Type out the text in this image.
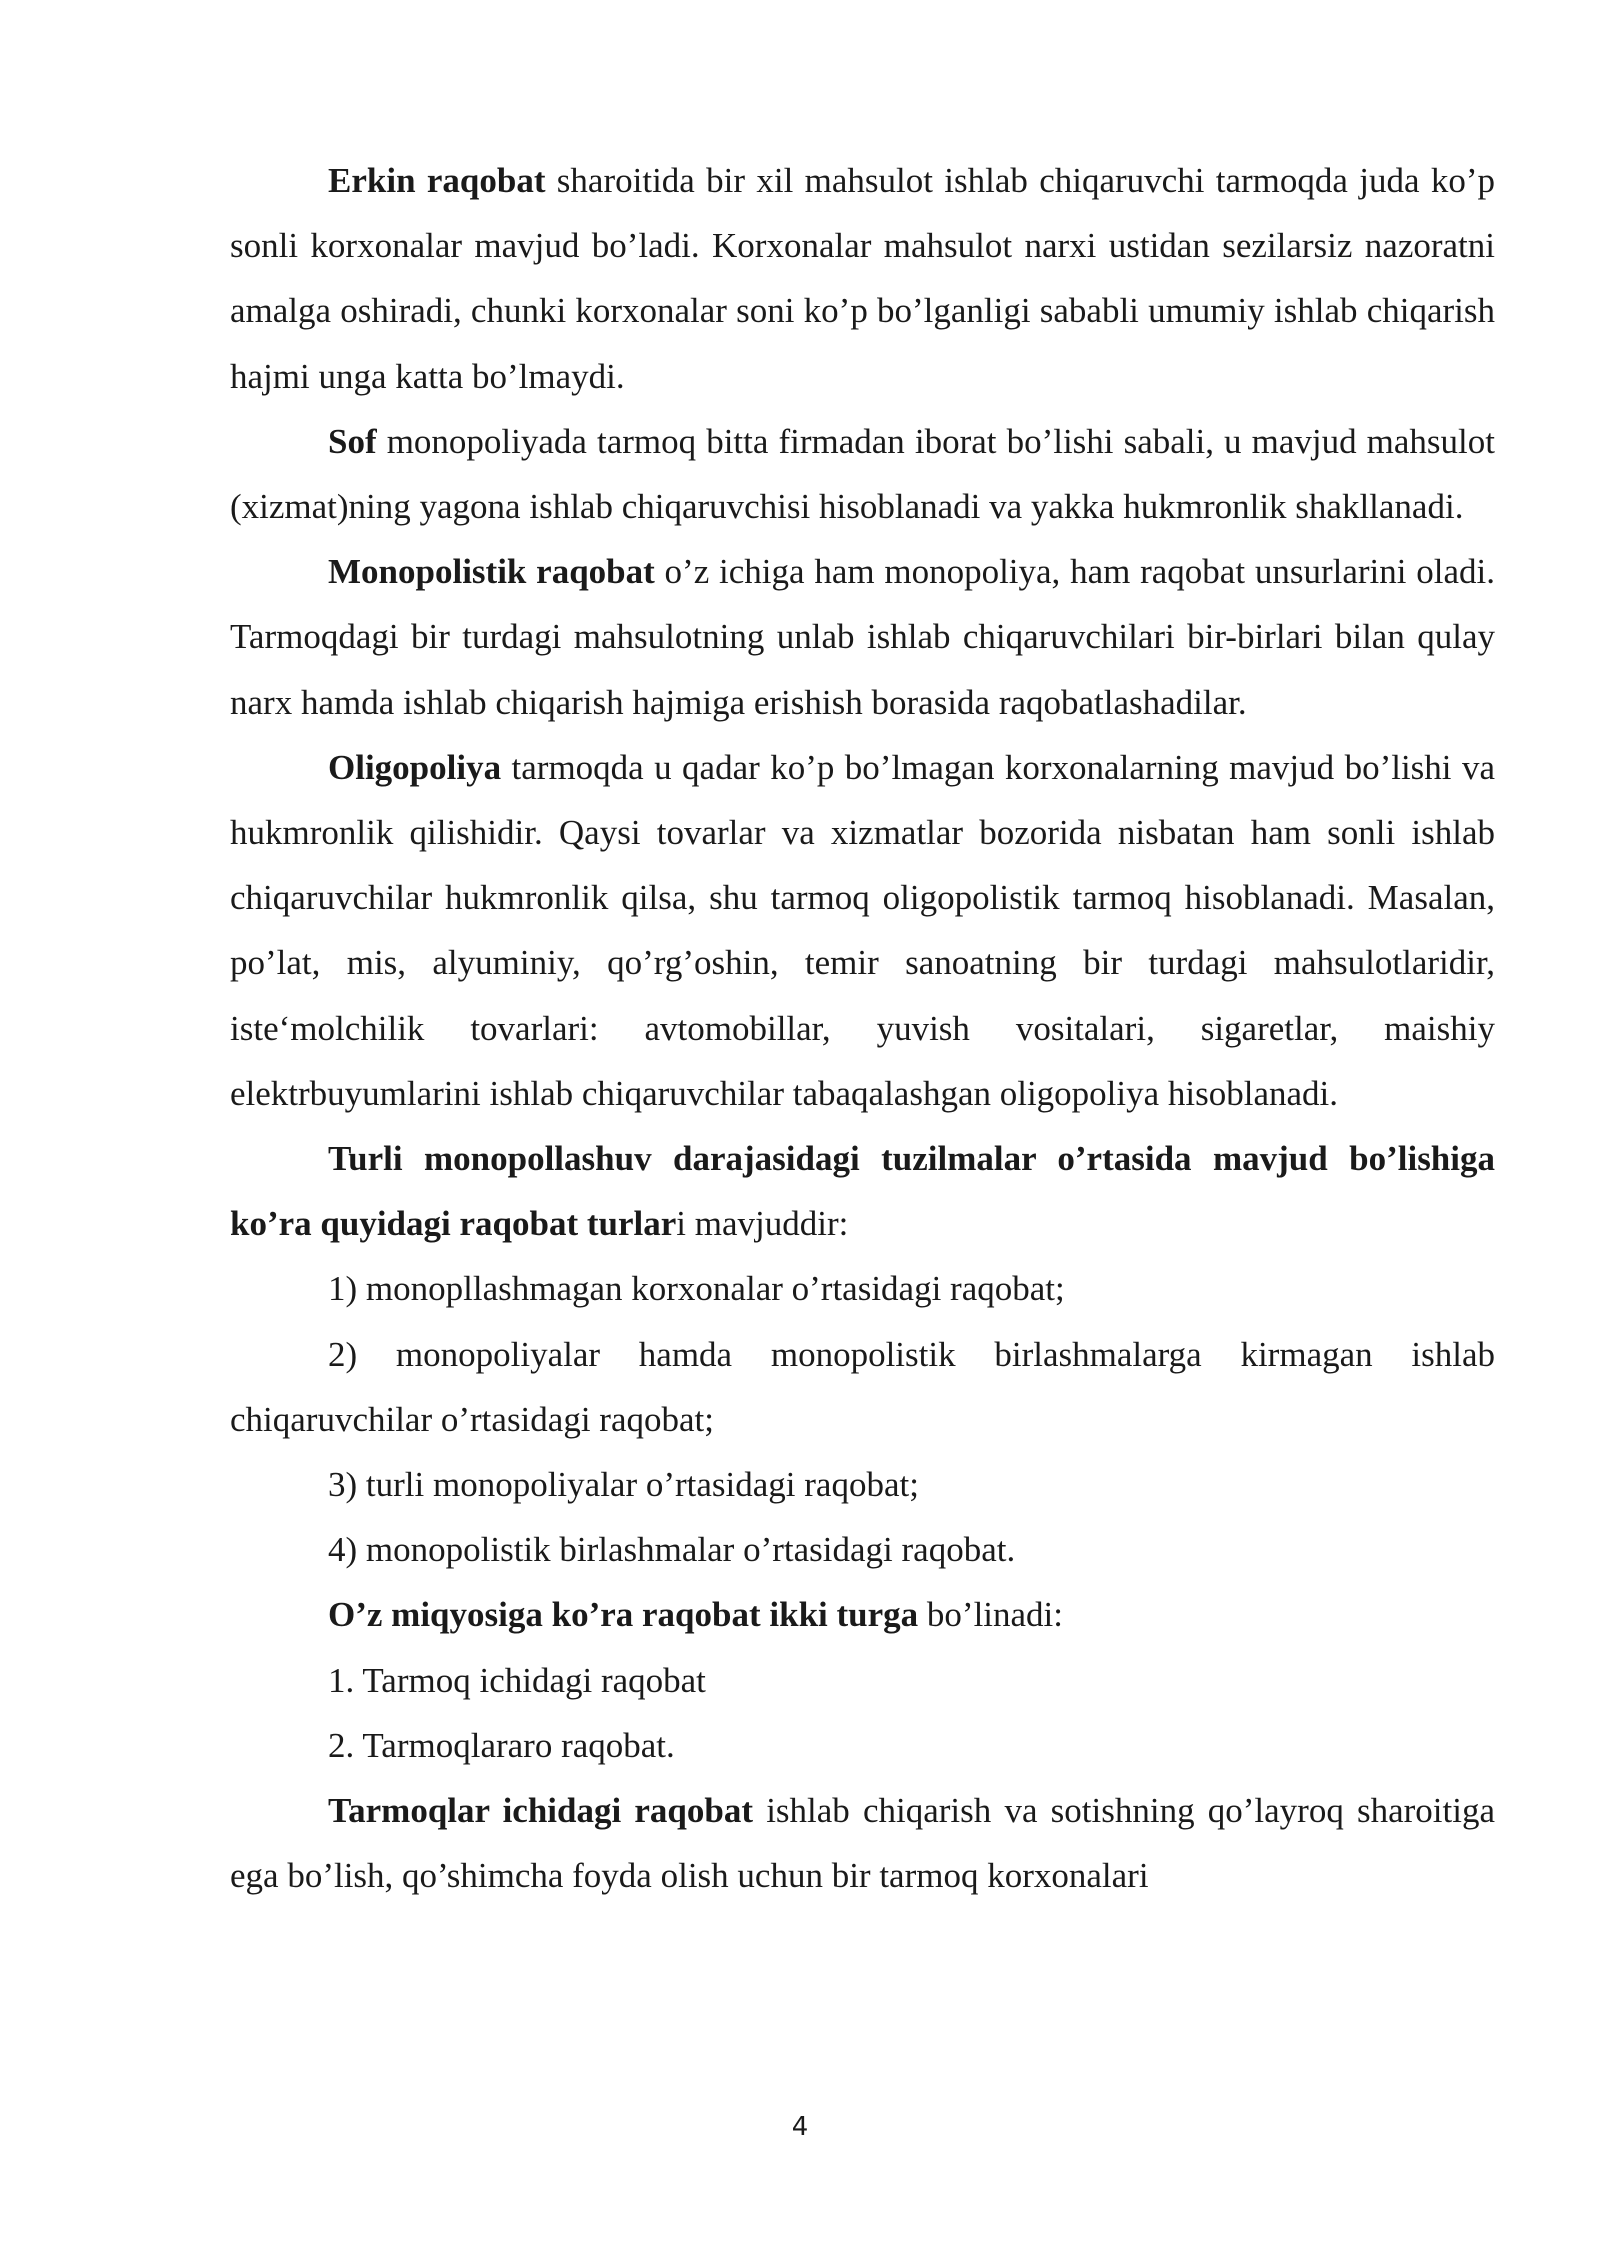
Erkin raqobat sharoitida bir xil mahsulot ishlab chiqaruvchi tarmoqda juda ko’p sonli korxonalar mavjud bo’ladi. Korxonalar mahsulot narxi ustidan sezilarsiz nazoratni amalga oshiradi, chunki korxonalar soni ko’p bo’lganligi sababli umumiy ishlab chiqarish hajmi unga katta bo’lmaydi.

Sof monopoliyada tarmoq bitta firmadan iborat bo’lishi sabali, u mavjud mahsulot (xizmat)ning yagona ishlab chiqaruvchisi hisoblanadi va yakka hukmronlik shakllanadi.

Monopolistik raqobat o’z ichiga ham monopoliya, ham raqobat unsurlarini oladi. Tarmoqdagi bir turdagi mahsulotning unlab ishlab chiqaruvchilari bir-birlari bilan qulay narx hamda ishlab chiqarish hajmiga erishish borasida raqobatlashadilar.

Oligopoliya tarmoqda u qadar ko’p bo’lmagan korxonalarning mavjud bo’lishi va hukmronlik qilishidir. Qaysi tovarlar va xizmatlar bozorida nisbatan ham sonli ishlab chiqaruvchilar hukmronlik qilsa, shu tarmoq oligopolistik tarmoq hisoblanadi. Masalan, po’lat, mis, alyuminiy, qo’rg’oshin, temir sanoatning bir turdagi mahsulotlaridir, iste‘molchilik tovarlari: avtomobillar, yuvish vositalari, sigaretlar, maishiy elektrbuyumlarini ishlab chiqaruvchilar tabaqalashgan oligopoliya hisoblanadi.

Turli monopollashuv darajasidagi tuzilmalar o’rtasida mavjud bo’lishiga ko’ra quyidagi raqobat turlari mavjuddir:

1) monopllashmagan korxonalar o’rtasidagi raqobat;

2) monopoliyalar hamda monopolistik birlashmalarga kirmagan ishlab chiqaruvchilar o’rtasidagi raqobat;

3) turli monopoliyalar o’rtasidagi raqobat;

4) monopolistik birlashmalar o’rtasidagi raqobat.

O’z miqyosiga ko’ra raqobat ikki turga bo’linadi:

1. Tarmoq ichidagi raqobat

2. Tarmoqlararo raqobat.

Tarmoqlar ichidagi raqobat ishlab chiqarish va sotishning qo’layroq sharoitiga ega bo’lish, qo’shimcha foyda olish uchun bir tarmoq korxonalari

4
